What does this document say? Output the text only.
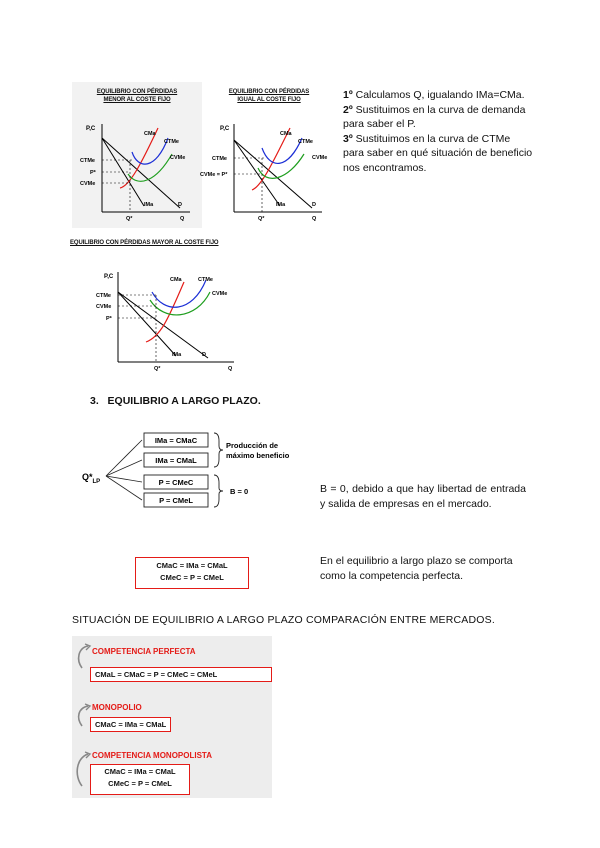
EQUILIBRIO CON PÉRDIDAS
MENOR AL COSTE FIJO
P,C
CMa
CTMe
CVMe
CTMe
P*
CVMe
IMa	D
Q*	Q
EQUILIBRIO CON PÉRDIDAS
IGUAL AL COSTE FIJO
P,C
CMa
CTMe
CVMe
CTMe
CVMe = P*
IMa	D
Q*	Q
1º Calculamos Q, igualando IMa=CMa.
2º Sustituimos en la curva de demanda para saber el P.
3º Sustituimos en la curva de CTMe para saber en qué situación de beneficio nos encontramos.
EQUILIBRIO CON PÉRDIDAS MAYOR AL COSTE FIJO
P,C	CMa	CTMe
CVMe
CTMe
CVMe
P*
IMa	D
Q*	Q
3. EQUILIBRIO A LARGO PLAZO.
$Q*_{LP}$
IMa = CMaC
IMa = CMaL
P = CMeC
P = CMeL
Producción de
máximo beneficio
B = 0	B = 0, debido a que hay libertad de entrada y salida de empresas en el mercado.
CMaC = IMa = CMaL
CMeC = P = CMeL
En el equilibrio a largo plazo se comporta como la competencia perfecta.
SITUACIÓN DE EQUILIBRIO A LARGO PLAZO COMPARACIÓN ENTRE MERCADOS.
COMPETENCIA PERFECTA
CMaL = CMaC = P = CMeC = CMeL
MONOPOLIO
CMaC = IMa = CMaL
COMPETENCIA MONOPOLISTA
CMaC = IMa = CMaL
CMeC = P = CMeL
